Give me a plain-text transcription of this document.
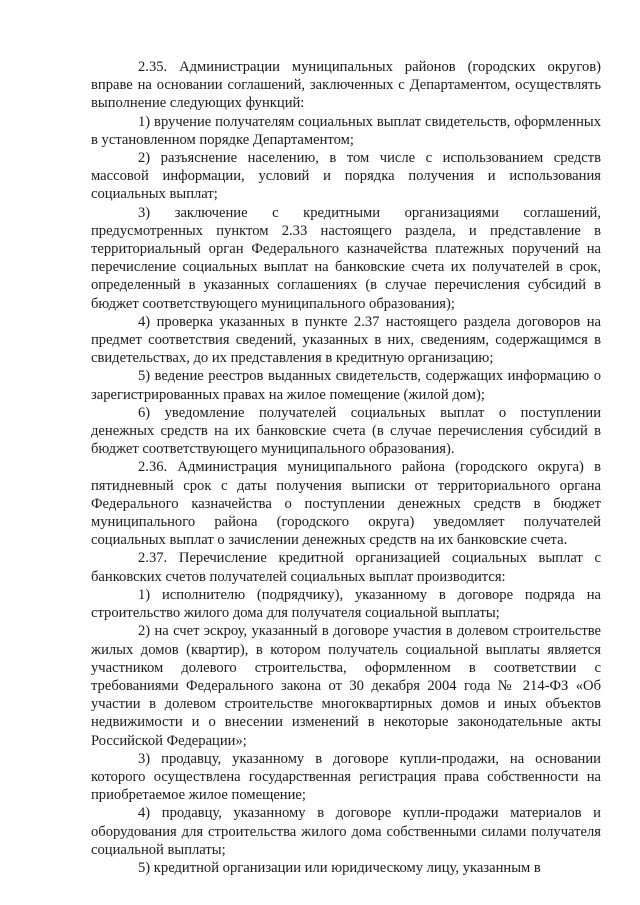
2.35. Администрации муниципальных районов (городских округов) вправе на основании соглашений, заключенных с Департаментом, осуществлять выполнение следующих функций:

1) вручение получателям социальных выплат свидетельств, оформленных в установленном порядке Департаментом;

2) разъяснение населению, в том числе с использованием средств массовой информации, условий и порядка получения и использования социальных выплат;

3) заключение с кредитными организациями соглашений, предусмотренных пунктом 2.33 настоящего раздела, и представление в территориальный орган Федерального казначейства платежных поручений на перечисление социальных выплат на банковские счета их получателей в срок, определенный в указанных соглашениях (в случае перечисления субсидий в бюджет соответствующего муниципального образования);

4) проверка указанных в пункте 2.37 настоящего раздела договоров на предмет соответствия сведений, указанных в них, сведениям, содержащимся в свидетельствах, до их представления в кредитную организацию;

5) ведение реестров выданных свидетельств, содержащих информацию о зарегистрированных правах на жилое помещение (жилой дом);

6) уведомление получателей социальных выплат о поступлении денежных средств на их банковские счета (в случае перечисления субсидий в бюджет соответствующего муниципального образования).

2.36. Администрация муниципального района (городского округа) в пятидневный срок с даты получения выписки от территориального органа Федерального казначейства о поступлении денежных средств в бюджет муниципального района (городского округа) уведомляет получателей социальных выплат о зачислении денежных средств на их банковские счета.

2.37. Перечисление кредитной организацией социальных выплат с банковских счетов получателей социальных выплат производится:

1) исполнителю (подрядчику), указанному в договоре подряда на строительство жилого дома для получателя социальной выплаты;

2) на счет эскроу, указанный в договоре участия в долевом строительстве жилых домов (квартир), в котором получатель социальной выплаты является участником долевого строительства, оформленном в соответствии с требованиями Федерального закона от 30 декабря 2004 года № 214-ФЗ «Об участии в долевом строительстве многоквартирных домов и иных объектов недвижимости и о внесении изменений в некоторые законодательные акты Российской Федерации»;

3) продавцу, указанному в договоре купли-продажи, на основании которого осуществлена государственная регистрация права собственности на приобретаемое жилое помещение;

4) продавцу, указанному в договоре купли-продажи материалов и оборудования для строительства жилого дома собственными силами получателя социальной выплаты;

5) кредитной организации или юридическому лицу, указанным в
